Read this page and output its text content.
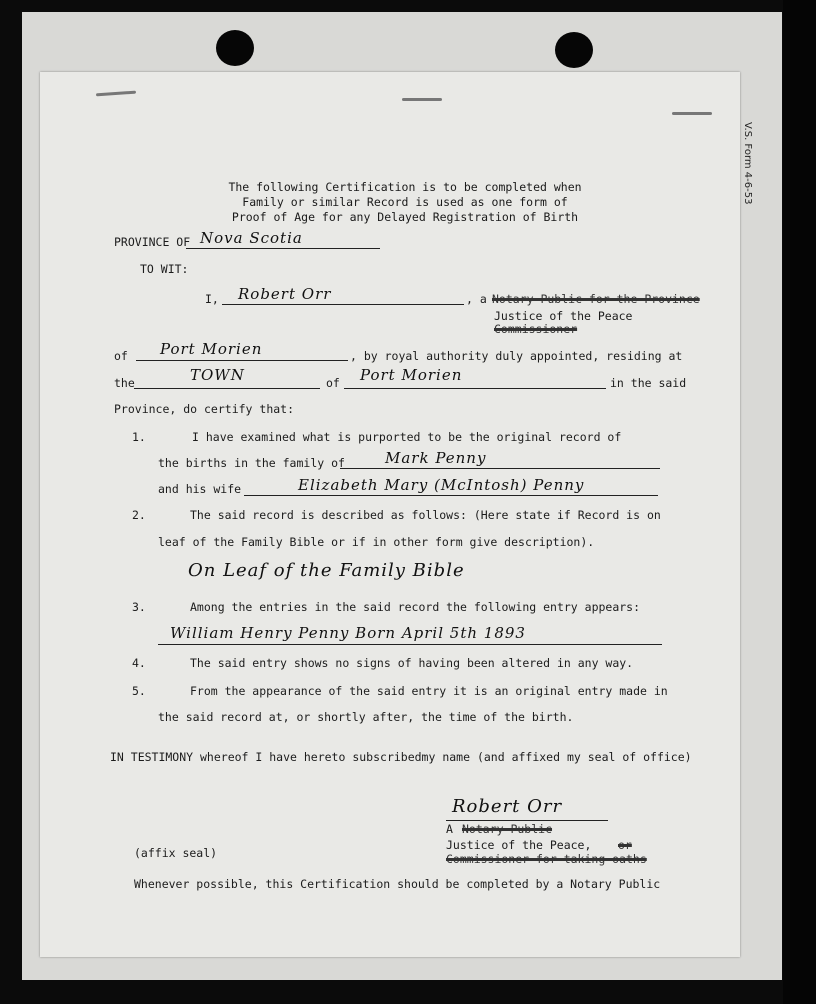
V.S. Form 4-6-53
The following Certification is to be completed when
Family or similar Record is used as one form of
Proof of Age for any Delayed Registration of Birth
PROVINCE OF Nova Scotia
TO WIT:
I, Robert Orr	, a Notary Public for the Province
Justice of the Peace
Commissioner
of Port Morien	, by royal authority duly appointed, residing at
the	TOWN	of Port Morien	in the said
Province, do certify that:
1.	I have examined what is purported to be the original record of
the births in the family of	Mark Penny
and his wife	Elizabeth Mary (McIntosh) Penny
2.	The said record is described as follows: (Here state if Record is on
leaf of the Family Bible or if in other form give description).
On Leaf of the Family Bible
3.	Among the entries in the said record the following entry appears:
William Henry Penny Born April 5th 1893
4.	The said entry shows no signs of having been altered in any way.
5.	From the appearance of the said entry it is an original entry made in
the said record at, or shortly after, the time of the birth.
IN TESTIMONY whereof I have hereto subscribedmy name (and affixed my seal of office)
Robert Orr
A Notary Public
Justice of the Peace, or
Commissioner for taking oaths
(affix seal)
Whenever possible, this Certification should be completed by a Notary Public
